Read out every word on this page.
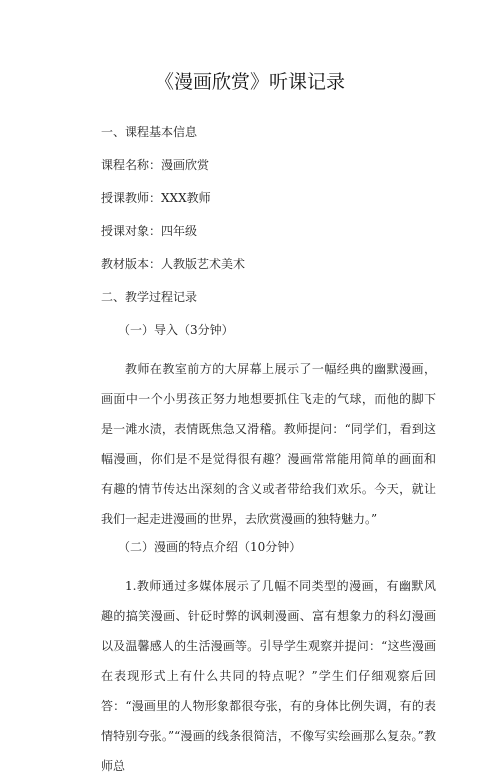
《漫画欣赏》听课记录
一、课程基本信息
课程名称：漫画欣赏
授课教师：XXX教师
授课对象：四年级
教材版本：人教版艺术美术
二、教学过程记录
（一）导入（3分钟）

教师在教室前方的大屏幕上展示了一幅经典的幽默漫画，画面中一个小男孩正努力地想要抓住飞走的气球，而他的脚下是一滩水渍，表情既焦急又滑稽。教师提问：“同学们，看到这幅漫画，你们是不是觉得很有趣？漫画常常能用简单的画面和有趣的情节传达出深刻的含义或者带给我们欢乐。今天，就让我们一起走进漫画的世界，去欣赏漫画的独特魅力。”

（二）漫画的特点介绍（10分钟）

1.教师通过多媒体展示了几幅不同类型的漫画，有幽默风趣的搞笑漫画、针砭时弊的讽刺漫画、富有想象力的科幻漫画以及温馨感人的生活漫画等。引导学生观察并提问：“这些漫画在表现形式上有什么共同的特点呢？”学生们仔细观察后回答：“漫画里的人物形象都很夸张，有的身体比例失调，有的表情特别夸张。”“漫画的线条很简洁，不像写实绘画那么复杂。”教师总
